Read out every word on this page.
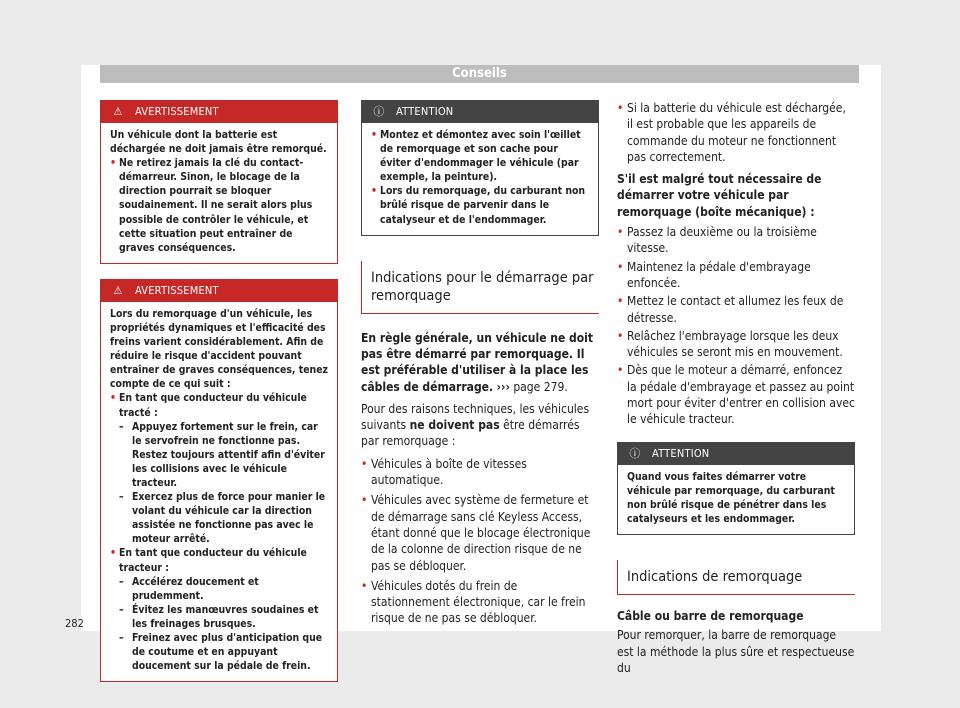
Conseils
⚠ AVERTISSEMENT

Un véhicule dont la batterie est déchargée ne doit jamais être remorqué.

• Ne retirez jamais la clé du contact-démarreur. Sinon, le blocage de la direction pourrait se bloquer soudainement. Il ne serait alors plus possible de contrôler le véhicule, et cette situation peut entraîner de graves conséquences.

⚠ AVERTISSEMENT

Lors du remorquage d'un véhicule, les propriétés dynamiques et l'efficacité des freins varient considérablement. Afin de réduire le risque d'accident pouvant entraîner de graves conséquences, tenez compte de ce qui suit :

• En tant que conducteur du véhicule tracté :

– Appuyez fortement sur le frein, car le servofrein ne fonctionne pas. Restez toujours attentif afin d'éviter les collisions avec le véhicule tracteur.

– Exercez plus de force pour manier le volant du véhicule car la direction assistée ne fonctionne pas avec le moteur arrêté.

• En tant que conducteur du véhicule tracteur :

– Accélérez doucement et prudemment.

– Évitez les manœuvres soudaines et les freinages brusques.

– Freinez avec plus d'anticipation que de coutume et en appuyant doucement sur la pédale de frein.

ⓘ ATTENTION

• Montez et démontez avec soin l'œillet de remorquage et son cache pour éviter d'endommager le véhicule (par exemple, la peinture).

• Lors du remorquage, du carburant non brûlé risque de parvenir dans le catalyseur et de l'endommager.

Indications pour le démarrage par remorquage

En règle générale, un véhicule ne doit pas être démarré par remorquage. Il est préférable d'utiliser à la place les câbles de démarrage. ››› page 279.

Pour des raisons techniques, les véhicules suivants ne doivent pas être démarrés par remorquage :

• Véhicules à boîte de vitesses automatique.

• Véhicules avec système de fermeture et de démarrage sans clé Keyless Access, étant donné que le blocage électronique de la colonne de direction risque de ne pas se débloquer.

• Véhicules dotés du frein de stationnement électronique, car le frein risque de ne pas se débloquer.

• Si la batterie du véhicule est déchargée, il est probable que les appareils de commande du moteur ne fonctionnent pas correctement.

S'il est malgré tout nécessaire de démarrer votre véhicule par remorquage (boîte mécanique) :

• Passez la deuxième ou la troisième vitesse.

• Maintenez la pédale d'embrayage enfoncée.

• Mettez le contact et allumez les feux de détresse.

• Relâchez l'embrayage lorsque les deux véhicules se seront mis en mouvement.

• Dès que le moteur a démarré, enfoncez la pédale d'embrayage et passez au point mort pour éviter d'entrer en collision avec le véhicule tracteur.

ⓘ ATTENTION

Quand vous faites démarrer votre véhicule par remorquage, du carburant non brûlé risque de pénétrer dans les catalyseurs et les endommager.

Indications de remorquage

Câble ou barre de remorquage

Pour remorquer, la barre de remorquage est la méthode la plus sûre et respectueuse du

282
